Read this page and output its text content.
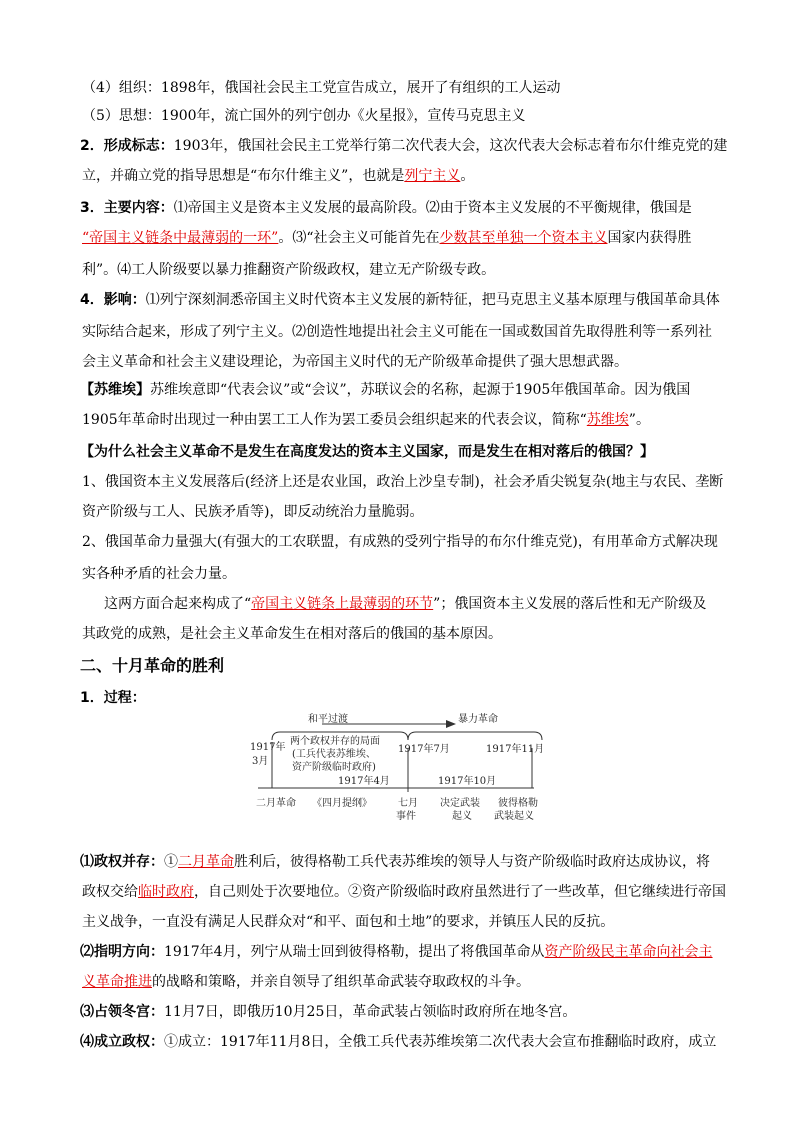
（4）组织：1898年，俄国社会民主工党宣告成立，展开了有组织的工人运动
（5）思想：1900年，流亡国外的列宁创办《火星报》，宣传马克思主义
2．形成标志：1903年，俄国社会民主工党举行第二次代表大会，这次代表大会标志着布尔什维克党的建
立，并确立党的指导思想是“布尔什维主义”，也就是列宁主义。
3．主要内容：⑴帝国主义是资本主义发展的最高阶段。⑵由于资本主义发展的不平衡规律，俄国是
“帝国主义链条中最薄弱的一环”。⑶“社会主义可能首先在少数甚至单独一个资本主义国家内获得胜
利”。⑷工人阶级要以暴力推翻资产阶级政权，建立无产阶级专政。
4．影响：⑴列宁深刻洞悉帝国主义时代资本主义发展的新特征，把马克思主义基本原理与俄国革命具体
实际结合起来，形成了列宁主义。⑵创造性地提出社会主义可能在一国或数国首先取得胜利等一系列社
会主义革命和社会主义建设理论，为帝国主义时代的无产阶级革命提供了强大思想武器。
【苏维埃】苏维埃意即“代表会议”或“会议”，苏联议会的名称，起源于1905年俄国革命。因为俄国
1905年革命时出现过一种由罢工工人作为罢工委员会组织起来的代表会议，简称“苏维埃”。
【为什么社会主义革命不是发生在高度发达的资本主义国家，而是发生在相对落后的俄国？】
1、俄国资本主义发展落后(经济上还是农业国，政治上沙皇专制)，社会矛盾尖锐复杂(地主与农民、垄断
资产阶级与工人、民族矛盾等)，即反动统治力量脆弱。
2、俄国革命力量强大(有强大的工农联盟，有成熟的受列宁指导的布尔什维克党)，有用革命方式解决现
实各种矛盾的社会力量。
这两方面合起来构成了“帝国主义链条上最薄弱的环节”；俄国资本主义发展的落后性和无产阶级及
其政党的成熟，是社会主义革命发生在相对落后的俄国的基本原因。
二、十月革命的胜利
1．过程：
和平过渡	暴力革命
1917年
3月
两个政权并存的局面
(工兵代表苏维埃、
资产阶级临时政府)
1917年7月	1917年11月
1917年4月	1917年10月
二月革命 《四月提纲》	七月
事件
决定武装
起义
彼得格勒
武装起义
⑴政权并存：①二月革命胜利后，彼得格勒工兵代表苏维埃的领导人与资产阶级临时政府达成协议，将
政权交给临时政府，自己则处于次要地位。②资产阶级临时政府虽然进行了一些改革，但它继续进行帝国
主义战争，一直没有满足人民群众对“和平、面包和土地”的要求，并镇压人民的反抗。
⑵指明方向：1917年4月，列宁从瑞士回到彼得格勒，提出了将俄国革命从资产阶级民主革命向社会主
义革命推进的战略和策略，并亲自领导了组织革命武装夺取政权的斗争。
⑶占领冬宫：11月7日，即俄历10月25日，革命武装占领临时政府所在地冬宫。
⑷成立政权：①成立：1917年11月8日，全俄工兵代表苏维埃第二次代表大会宣布推翻临时政府，成立
